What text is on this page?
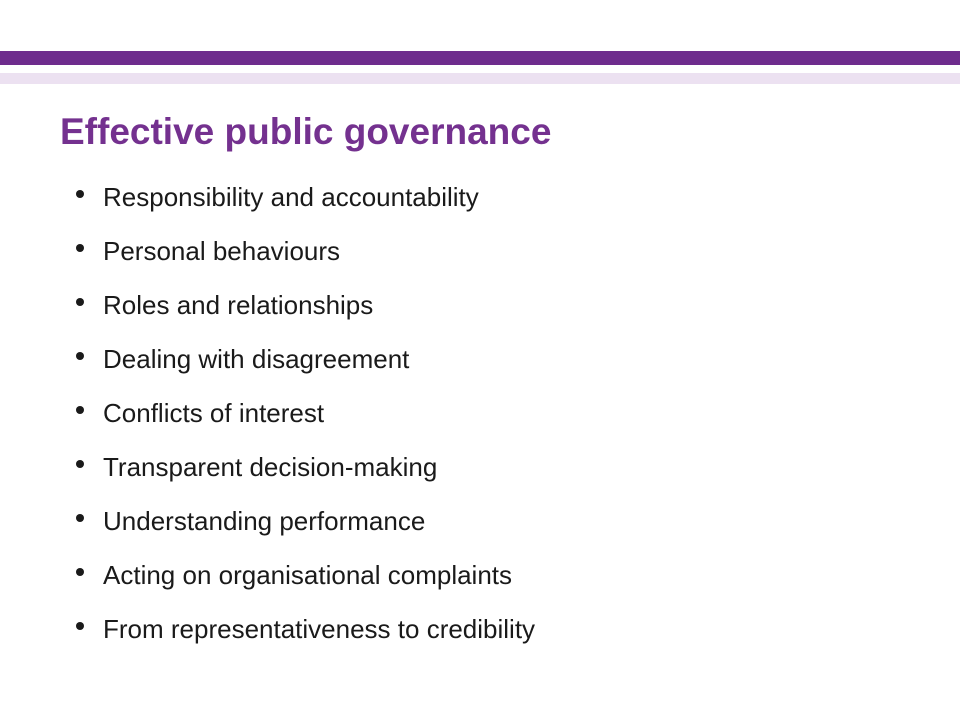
Effective public governance
Responsibility and accountability
Personal behaviours
Roles and relationships
Dealing with disagreement
Conflicts of interest
Transparent decision-making
Understanding performance
Acting on organisational complaints
From representativeness to credibility
